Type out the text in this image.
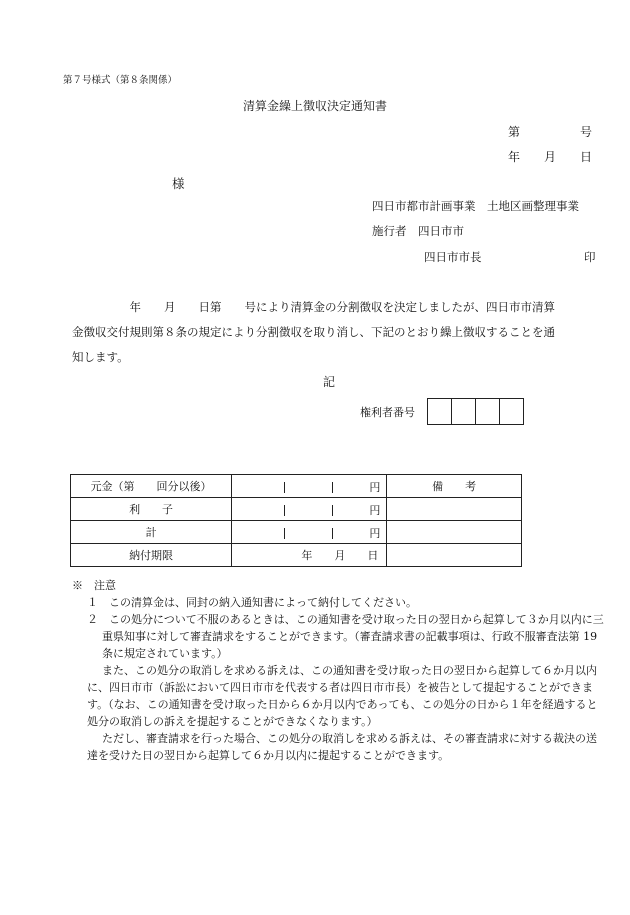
第７号様式（第８条関係）
清算金繰上徴収決定通知書
第　　　　　号
年　　月　　日
様
四日市都市計画事業　土地区画整理事業
施行者　四日市市
四日市市長	印

　　　　　年　　月　　日第　　号により清算金の分割徴収を決定しましたが、四日市市清算

金徴収交付規則第８条の規定により分割徴収を取り消し、下記のとおり繰上徴収することを通

知します。

記
権利者番号
元金（第　　回分以後）	円	備　　考
利　　子	円	

計	円	

納付期限	年　　月　　日	

※　注意

１　この清算金は、同封の納入通知書によって納付してください。

２　この処分について不服のあるときは、この通知書を受け取った日の翌日から起算して３か月以内に三重県知事に対して審査請求をすることができます。（審査請求書の記載事項は、行政不服審査法第 19 条に規定されています。）

また、この処分の取消しを求める訴えは、この通知書を受け取った日の翌日から起算して６か月以内に、四日市市（訴訟において四日市市を代表する者は四日市市長）を被告として提起することができます。（なお、この通知書を受け取った日から６か月以内であっても、この処分の日から１年を経過すると処分の取消しの訴えを提起することができなくなります。）

ただし、審査請求を行った場合、この処分の取消しを求める訴えは、その審査請求に対する裁決の送達を受けた日の翌日から起算して６か月以内に提起することができます。
